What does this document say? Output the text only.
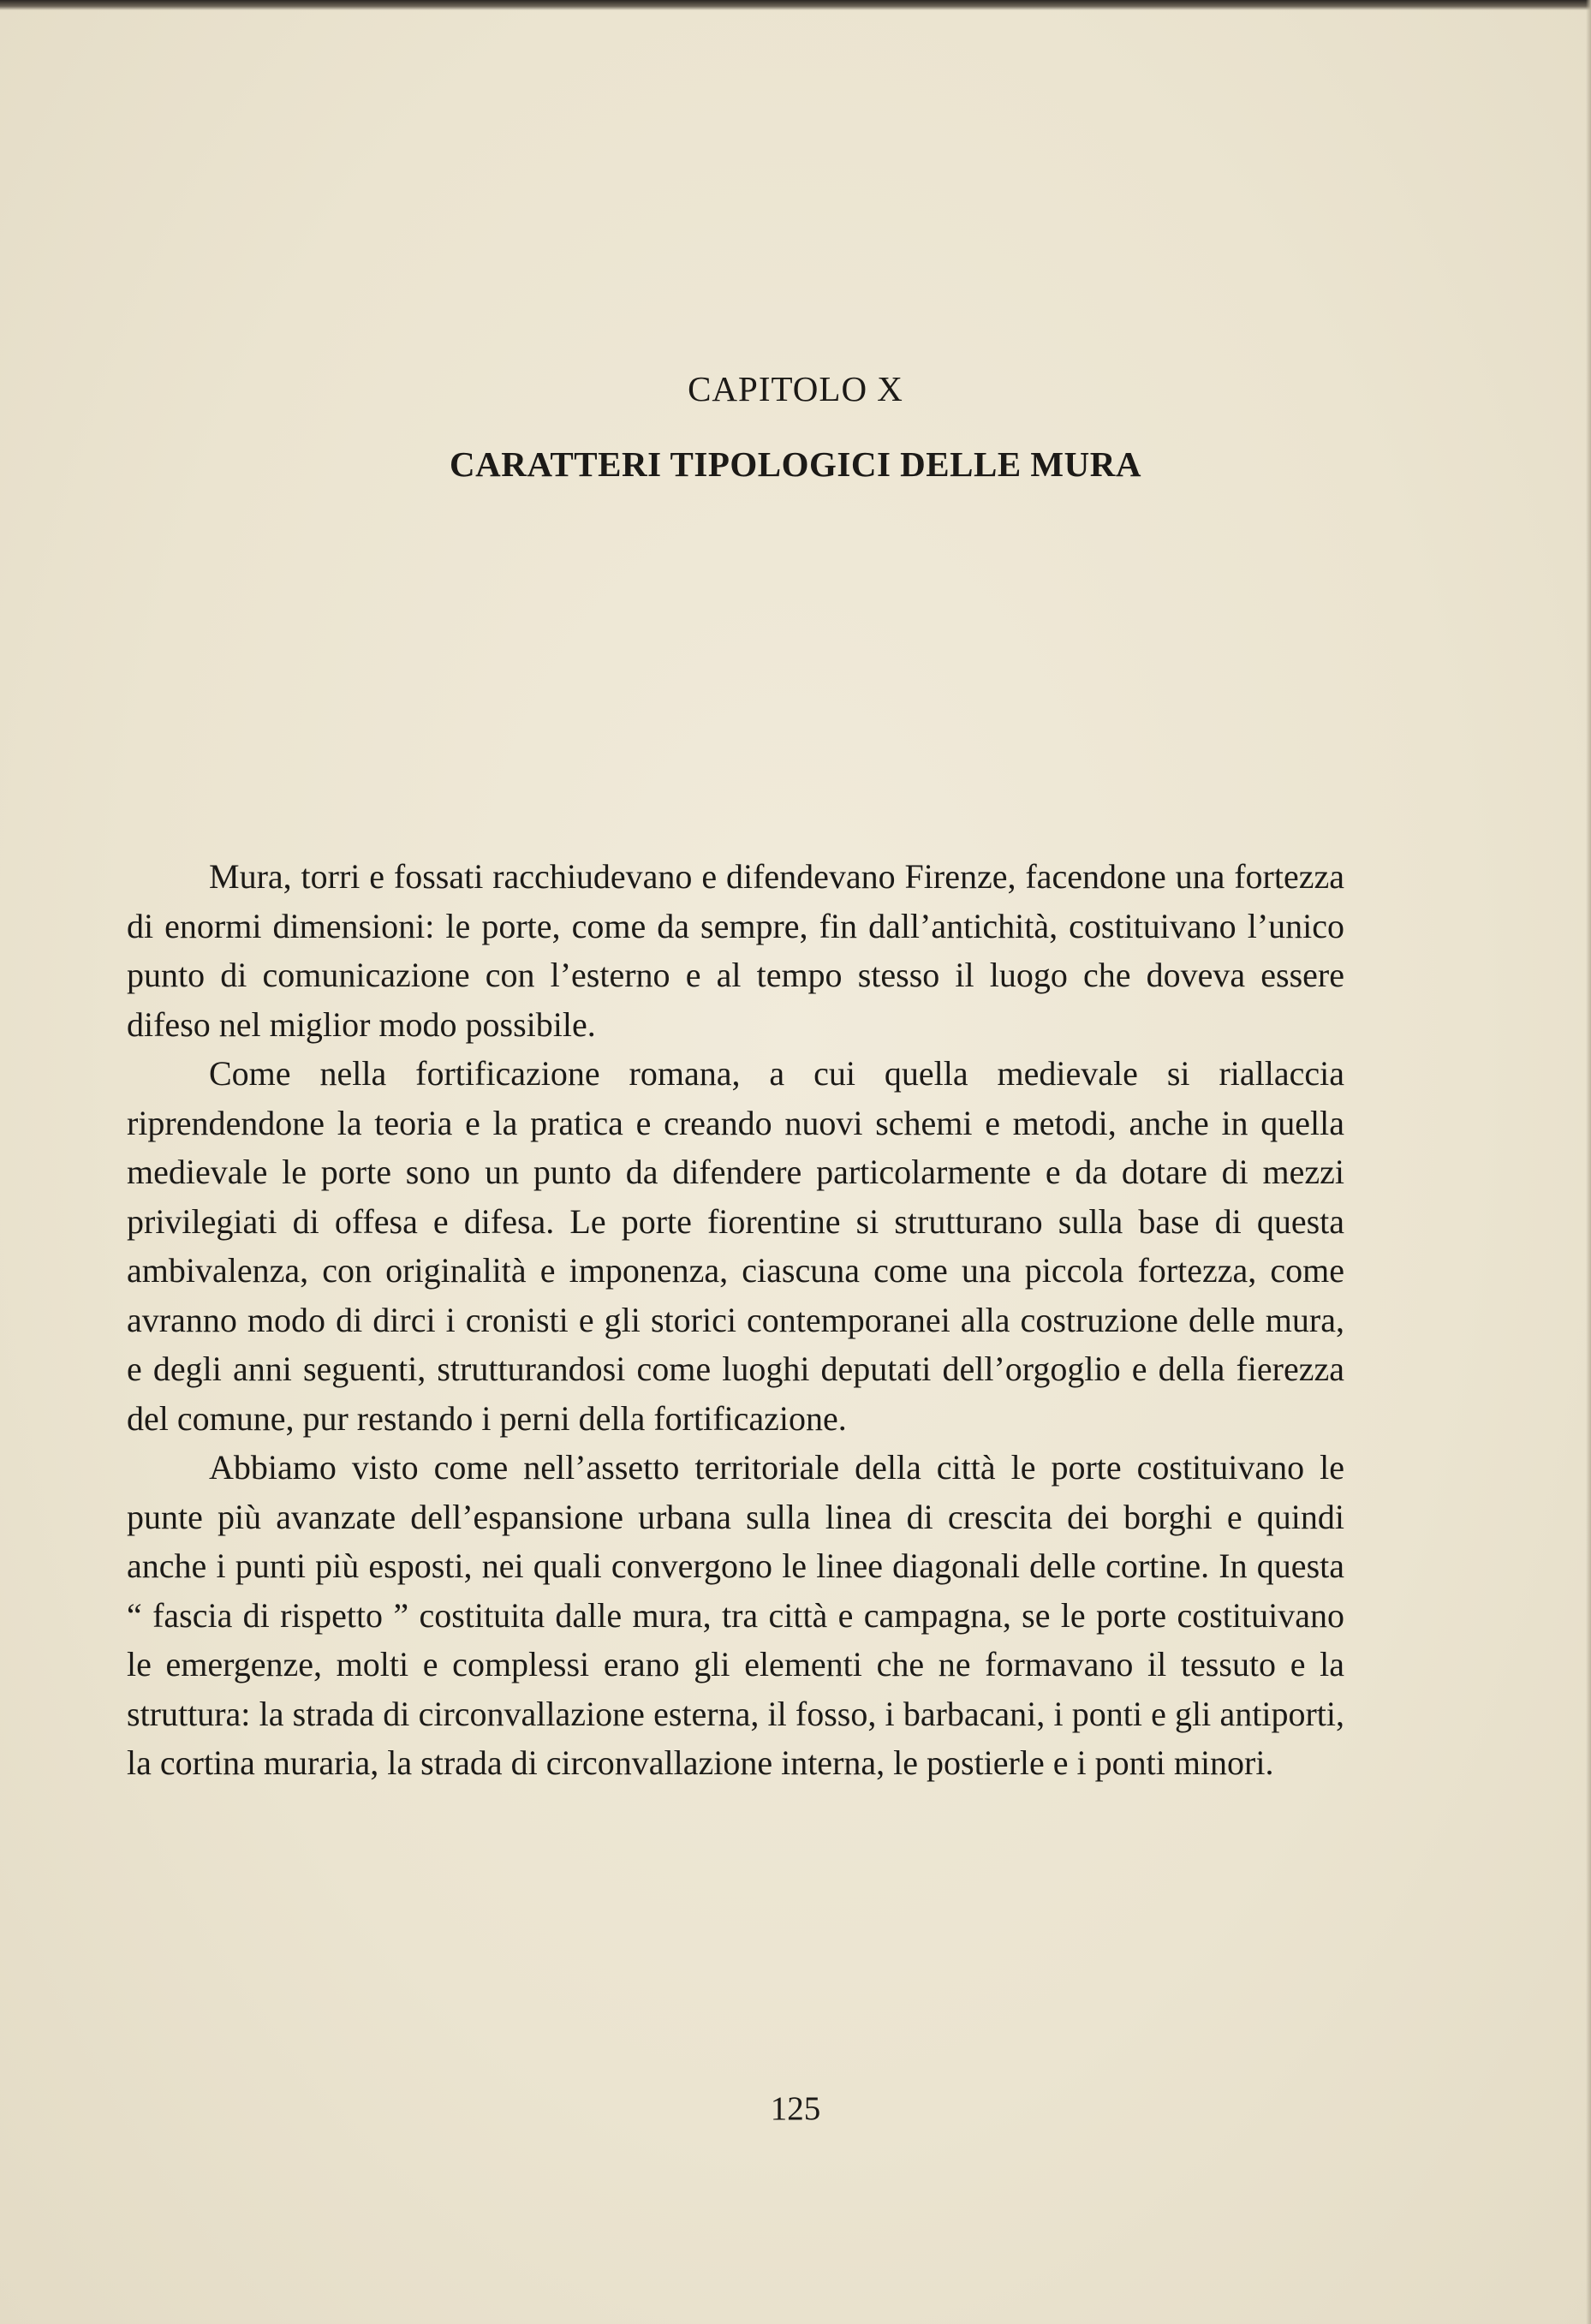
CAPITOLO X
CARATTERI TIPOLOGICI DELLE MURA

Mura, torri e fossati racchiudevano e difendevano Firenze, facendone una fortezza di enormi dimensioni: le porte, come da sempre, fin dall’antichità, costituivano l’unico punto di comunicazione con l’esterno e al tempo stesso il luogo che doveva essere difeso nel miglior modo possibile.

Come nella fortificazione romana, a cui quella medievale si riallaccia riprendendone la teoria e la pratica e creando nuovi schemi e metodi, anche in quella medievale le porte sono un punto da difendere particolarmente e da dotare di mezzi privilegiati di offesa e difesa. Le porte fiorentine si strutturano sulla base di questa ambivalenza, con originalità e imponenza, ciascuna come una piccola fortezza, come avranno modo di dirci i cronisti e gli storici contemporanei alla costruzione delle mura, e degli anni seguenti, strutturandosi come luoghi deputati dell’orgoglio e della fierezza del comune, pur restando i perni della fortificazione.

Abbiamo visto come nell’assetto territoriale della città le porte costituivano le punte più avanzate dell’espansione urbana sulla linea di crescita dei borghi e quindi anche i punti più esposti, nei quali convergono le linee diagonali delle cortine. In questa “ fascia di rispetto ” costituita dalle mura, tra città e campagna, se le porte costituivano le emergenze, molti e complessi erano gli elementi che ne formavano il tessuto e la struttura: la strada di circonvallazione esterna, il fosso, i barbacani, i ponti e gli antiporti, la cortina muraria, la strada di circonvallazione interna, le postierle e i ponti minori.

125
